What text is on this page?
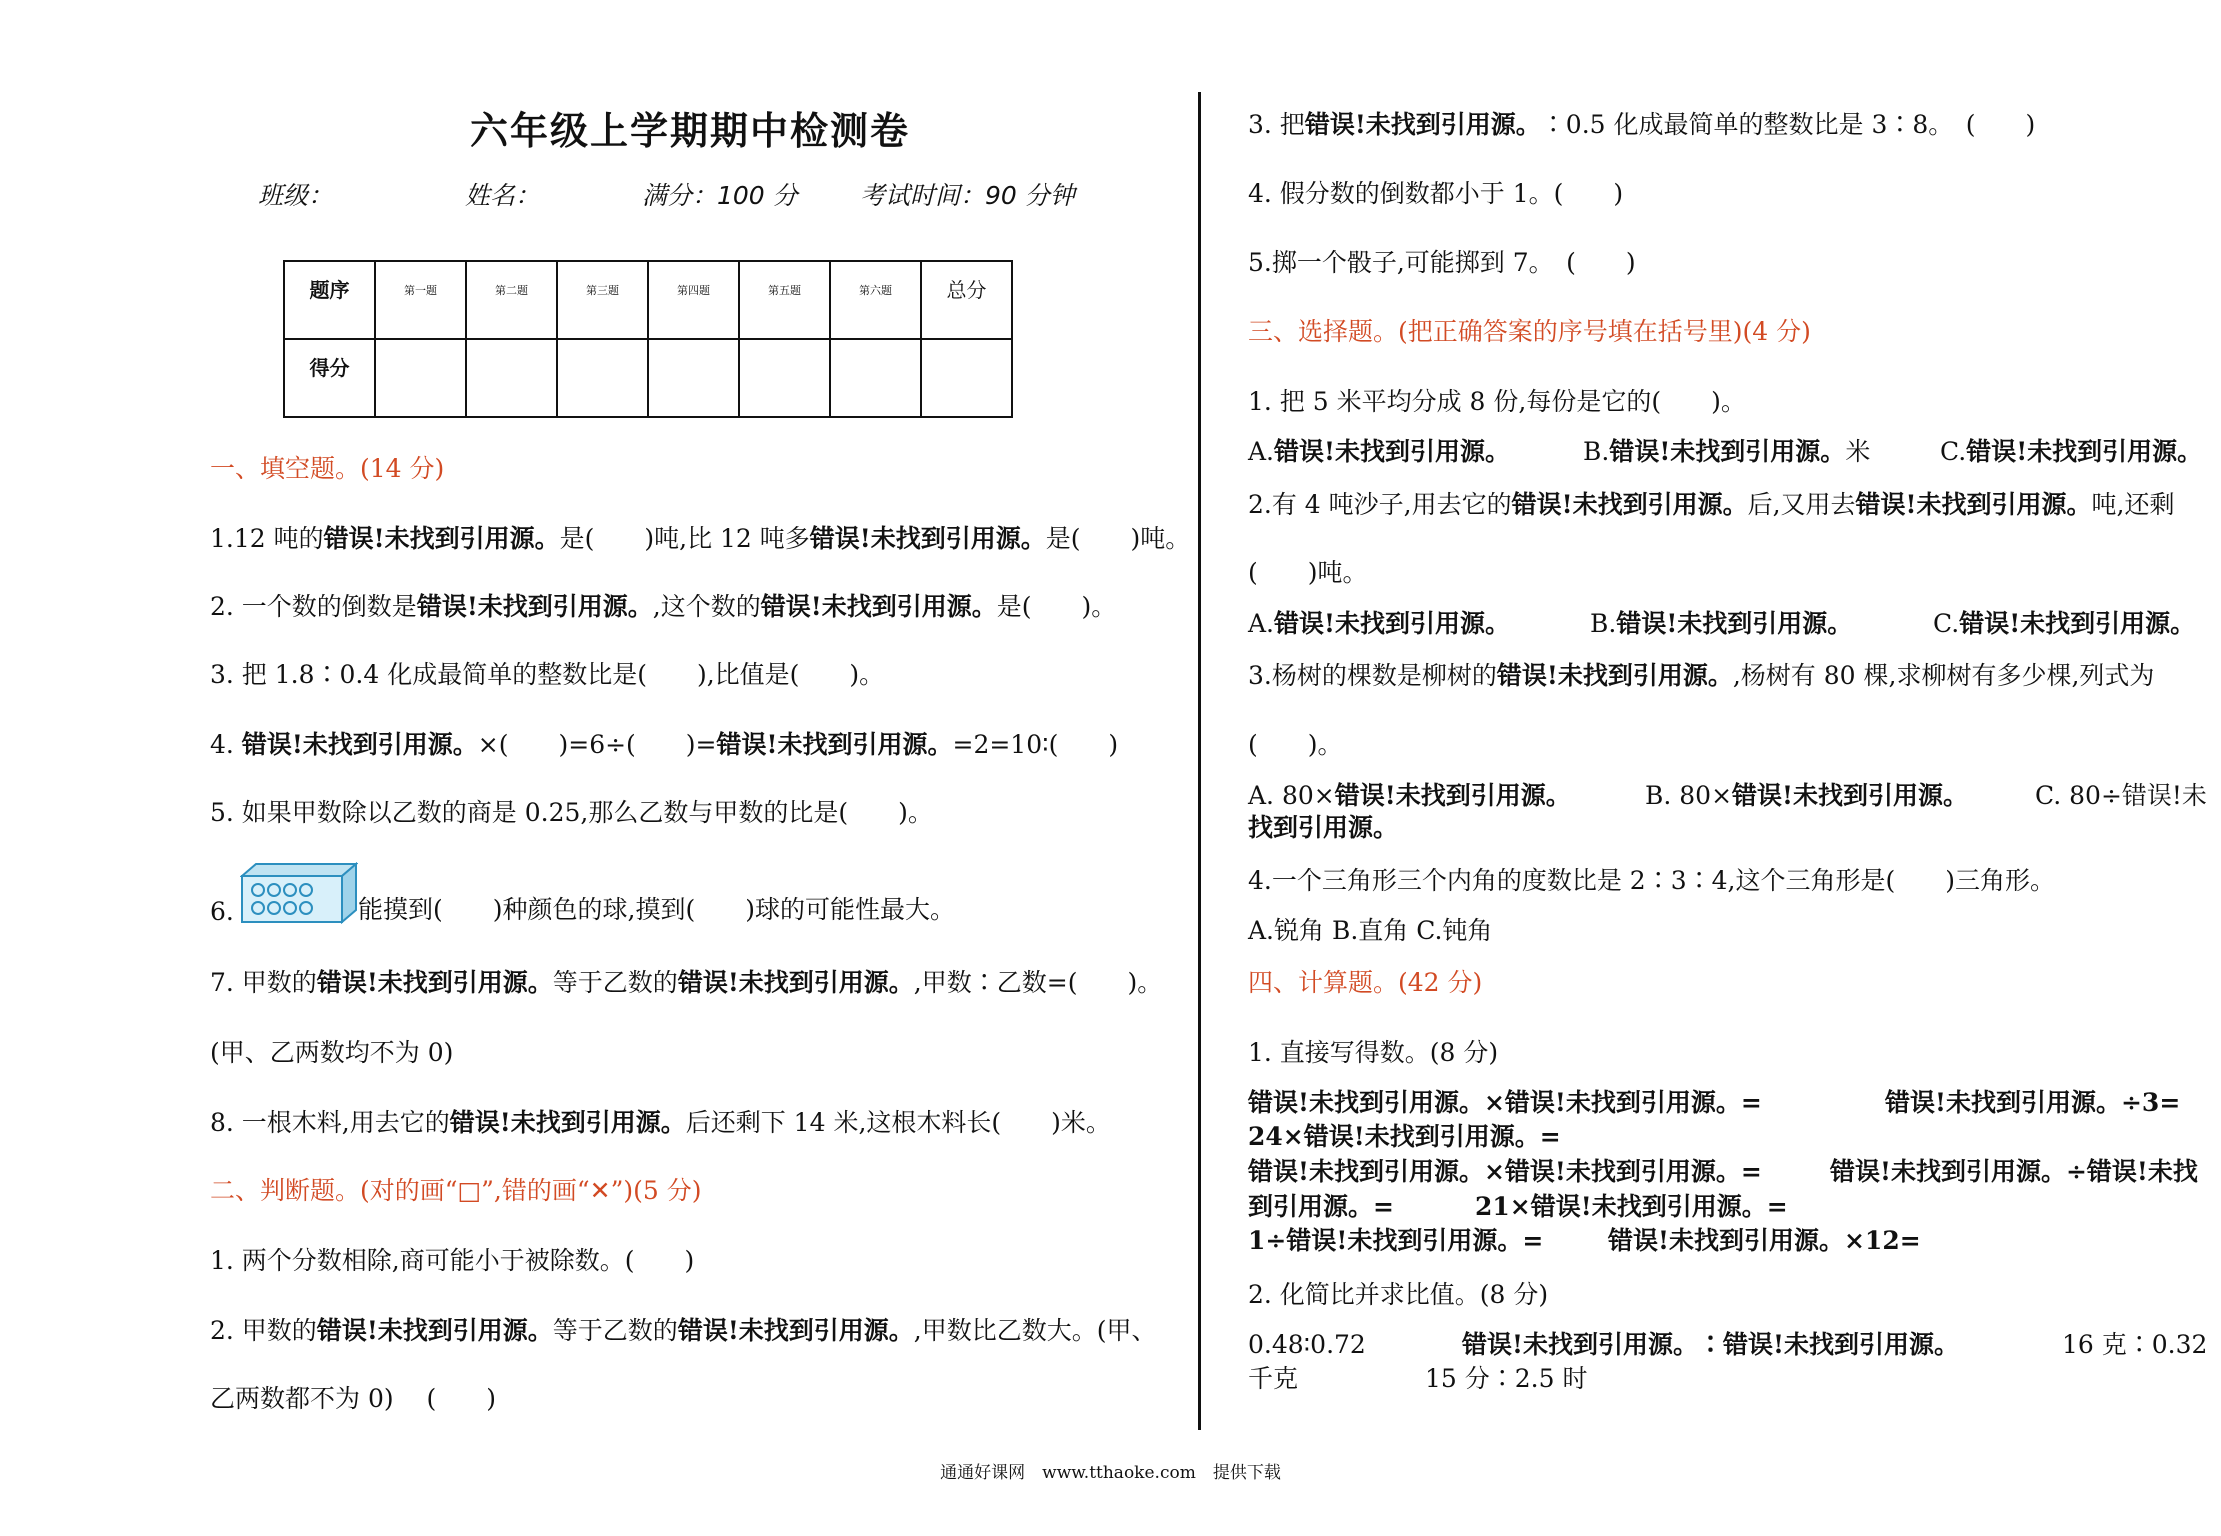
六年级上学期期中检测卷
班级：	姓名：	满分：100 分 考试时间：90 分钟
题序	第一题	第二题	第三题	第四题	第五题	第六题	总分
得分							
一、填空题。(14 分)
1.12 吨的错误!未找到引用源。是(　　)吨,比 12 吨多错误!未找到引用源。是(　　)吨。
2. 一个数的倒数是错误!未找到引用源。,这个数的错误!未找到引用源。是(　　)。
3. 把 1.8∶0.4 化成最简单的整数比是(　　),比值是(　　)。
4. 错误!未找到引用源。×(　　)=6÷(　　)=错误!未找到引用源。=2=10∶(　　)
5. 如果甲数除以乙数的商是 0.25,那么乙数与甲数的比是(　　)。
6.	能摸到(　　)种颜色的球,摸到(　　)球的可能性最大。
7. 甲数的错误!未找到引用源。等于乙数的错误!未找到引用源。,甲数∶乙数=(　　)。
(甲、乙两数均不为 0)
8. 一根木料,用去它的错误!未找到引用源。后还剩下 14 米,这根木料长(　　)米。
二、判断题。(对的画“□”,错的画“✕”)(5 分)
1. 两个分数相除,商可能小于被除数。(　　)
2. 甲数的错误!未找到引用源。等于乙数的错误!未找到引用源。,甲数比乙数大。(甲、
乙两数都不为 0)　 (　　)
3. 把错误!未找到引用源。∶0.5 化成最简单的整数比是 3∶8。　(　　)
4. 假分数的倒数都小于 1。(　　)
5.掷一个骰子,可能掷到 7。　(　　)
三、选择题。(把正确答案的序号填在括号里)(4 分)
1. 把 5 米平均分成 8 份,每份是它的(　　)。
A.错误!未找到引用源。	B.错误!未找到引用源。米	C.错误!未找到引用源。
2.有 4 吨沙子,用去它的错误!未找到引用源。后,又用去错误!未找到引用源。吨,还剩
(　　)吨。
A.错误!未找到引用源。	B.错误!未找到引用源。	C.错误!未找到引用源。
3.杨树的棵数是柳树的错误!未找到引用源。,杨树有 80 棵,求柳树有多少棵,列式为
(　　)。
A. 80×错误!未找到引用源。	B. 80×错误!未找到引用源。	C. 80÷错误!未
找到引用源。
4.一个三角形三个内角的度数比是 2∶3∶4,这个三角形是(　　)三角形。
A.锐角 B.直角 C.钝角
四、计算题。(42 分)
1. 直接写得数。(8 分)
错误!未找到引用源。×错误!未找到引用源。=	错误!未找到引用源。÷3=
24×错误!未找到引用源。=
错误!未找到引用源。×错误!未找到引用源。=	错误!未找到引用源。÷错误!未找
到引用源。=	21×错误!未找到引用源。=
1÷错误!未找到引用源。=	错误!未找到引用源。×12=
2. 化简比并求比值。(8 分)
0.48∶0.72	错误!未找到引用源。∶错误!未找到引用源。	16 克∶0.32
千克	15 分∶2.5 时
通通好课网　www.tthaoke.com　提供下载
